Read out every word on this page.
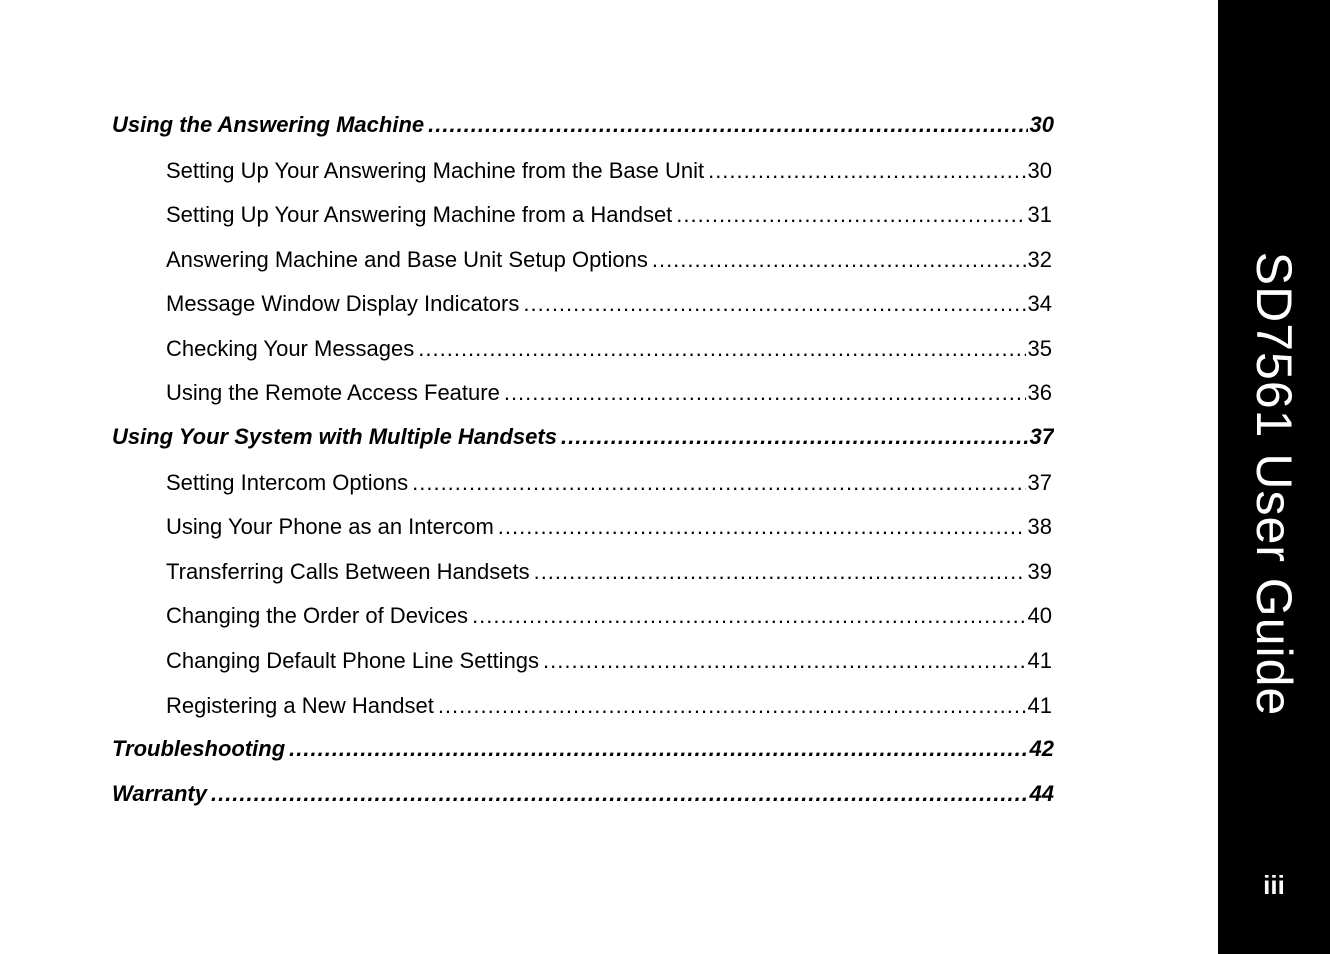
Using the Answering Machine .....	30
Setting Up Your Answering Machine from the Base Unit .....	30
Setting Up Your Answering Machine from a Handset .....	31
Answering Machine and Base Unit Setup Options .....	32
Message Window Display Indicators .....	34
Checking Your Messages .....	35
Using the Remote Access Feature .....	36
Using Your System with Multiple Handsets .....	37
Setting Intercom Options .....	37
Using Your Phone as an Intercom .....	38
Transferring Calls Between Handsets .....	39
Changing the Order of Devices .....	40
Changing Default Phone Line Settings .....	41
Registering a New Handset .....	41
Troubleshooting .....	42
Warranty .....	44
SD7561 User Guide
iii
